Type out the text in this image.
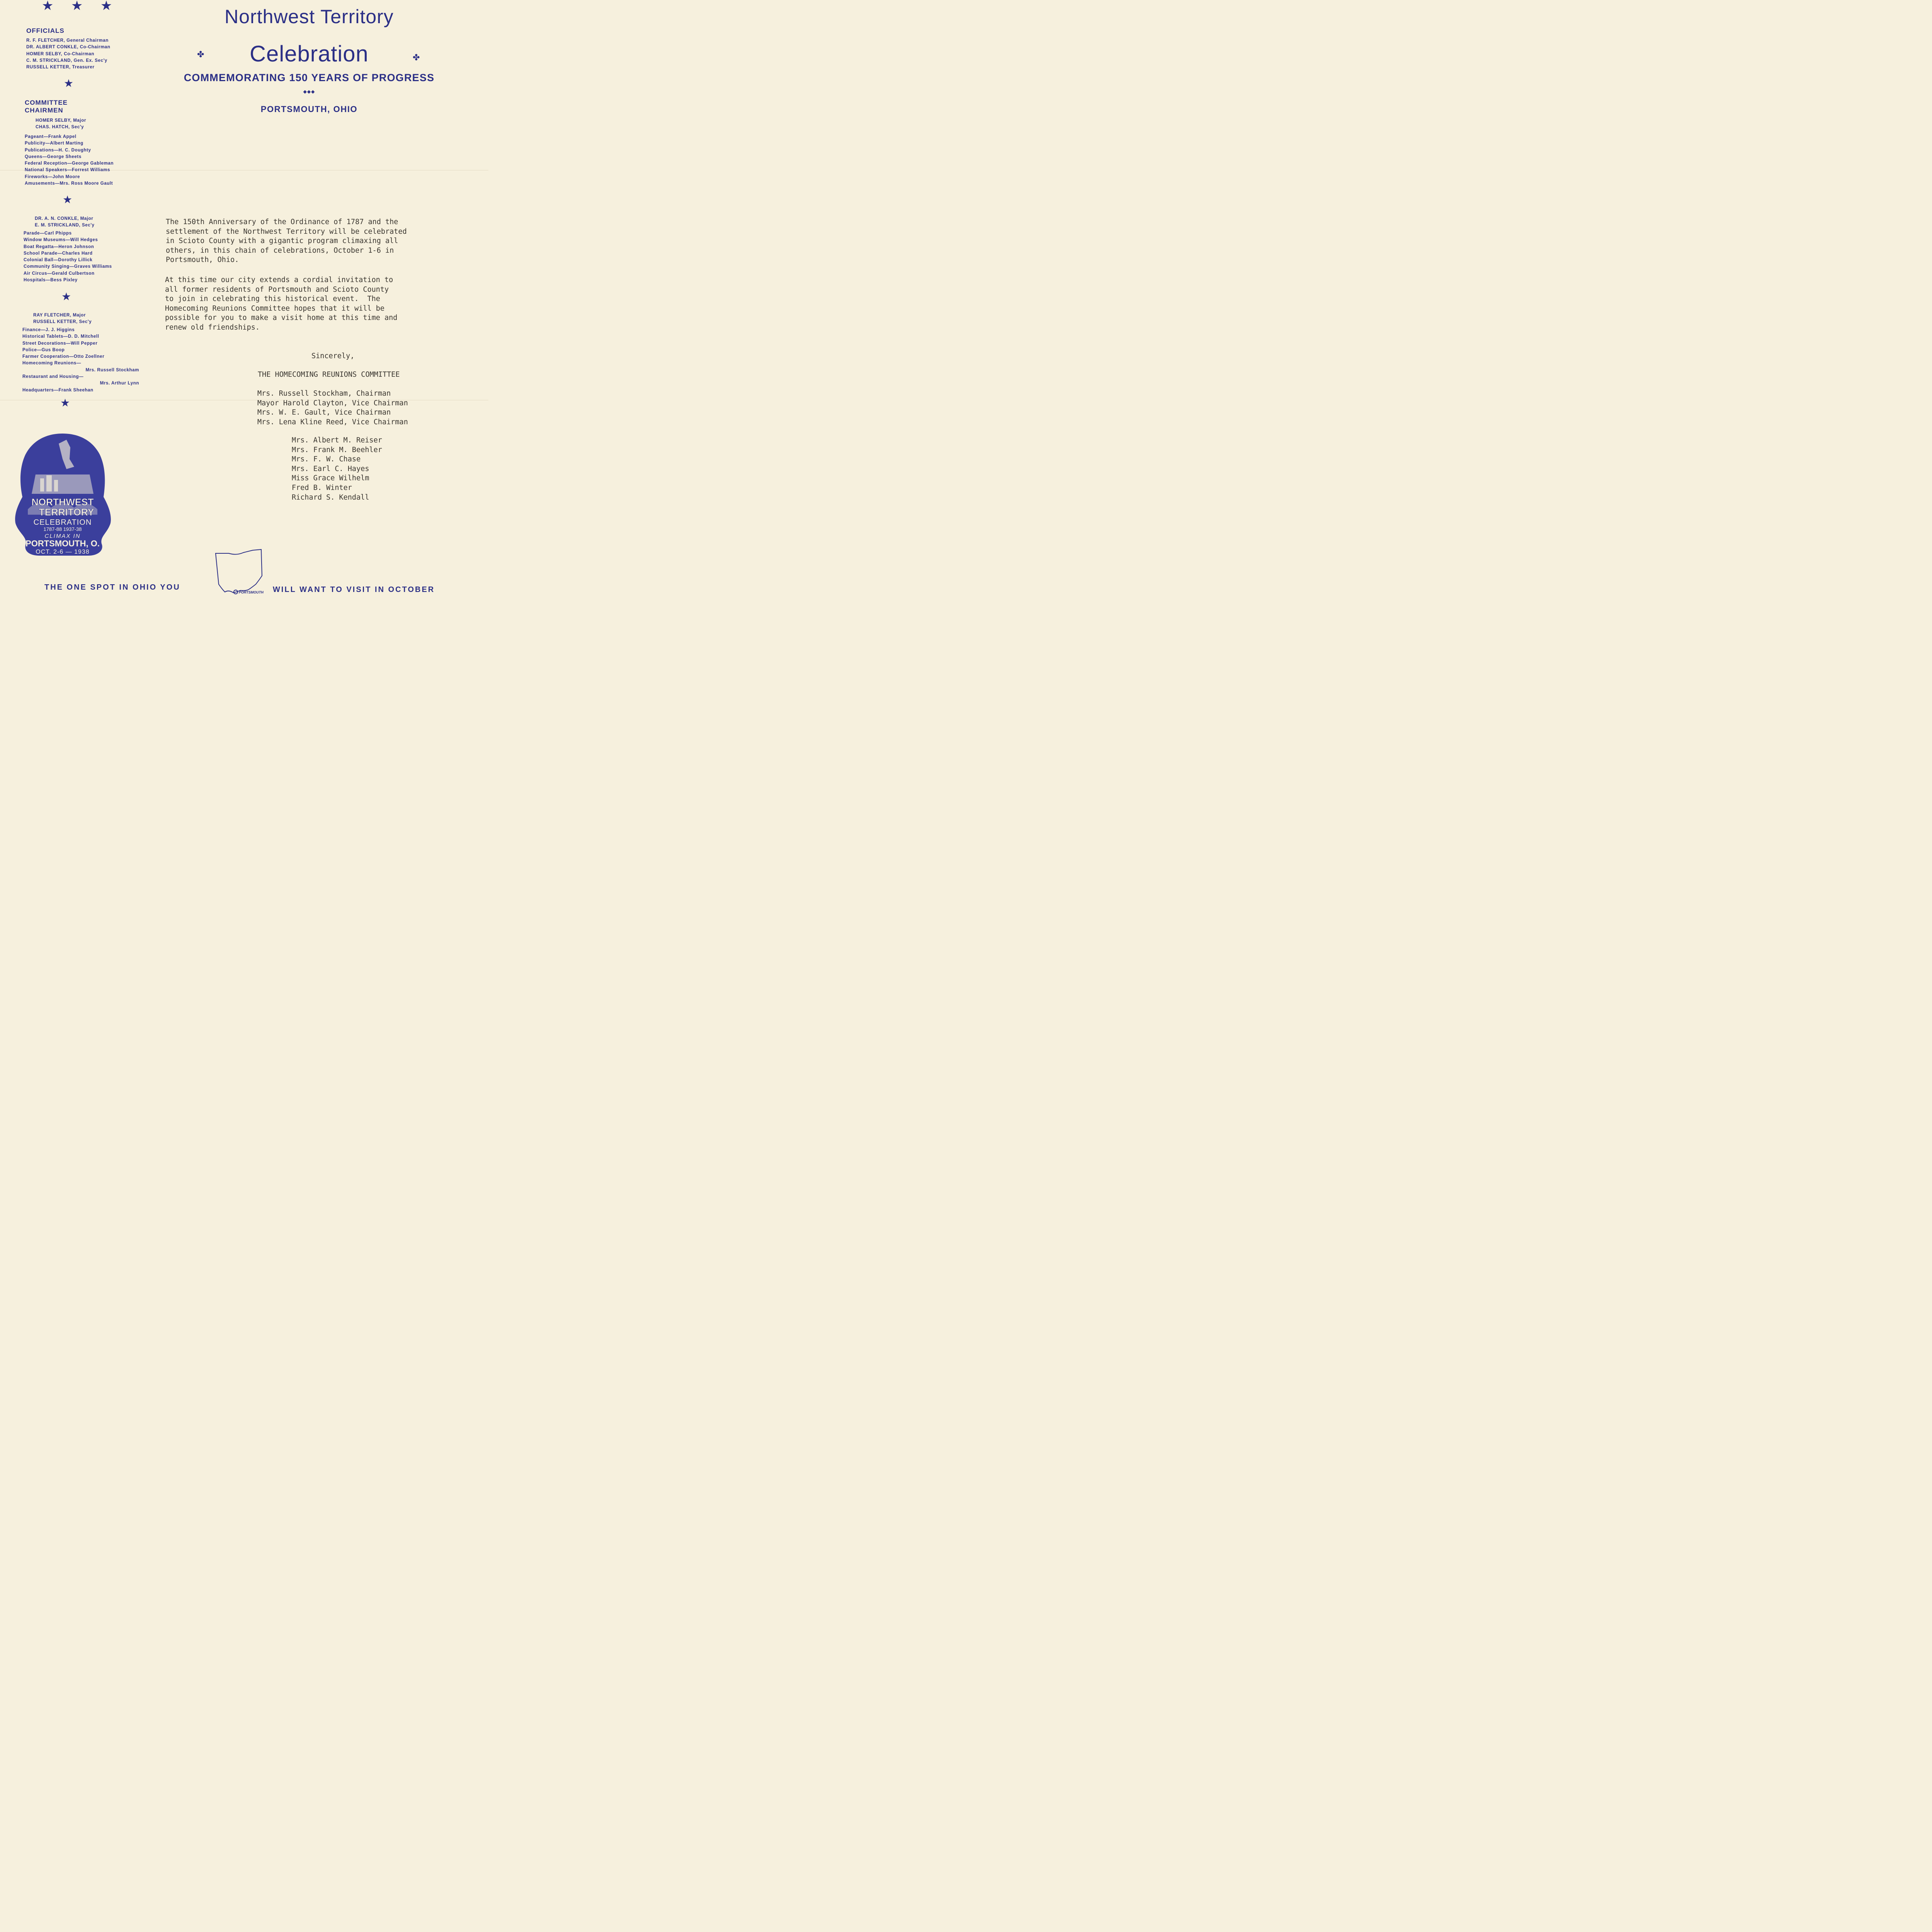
★ ★ ★	Northwest Territory
✤	Celebration	✤
COMMEMORATING 150 YEARS OF PROGRESS
◆◆◆
PORTSMOUTH, OHIO
OFFICIALS
R. F. FLETCHER, General Chairman
DR. ALBERT CONKLE, Co-Chairman
HOMER SELBY, Co-Chairman
C. M. STRICKLAND, Gen. Ex. Sec'y
RUSSELL KETTER, Treasurer
★
COMMITTEE
CHAIRMEN
HOMER SELBY, Major
CHAS. HATCH, Sec'y
Pageant—Frank Appel
Publicity—Albert Marting
Publications—H. C. Doughty
Queens—George Sheets
Federal Reception—George Gableman
National Speakers—Forrest Williams
Fireworks—John Moore
Amusements—Mrs. Ross Moore Gault
★
DR. A. N. CONKLE, Major
E. M. STRICKLAND, Sec'y
Parade—Carl Phipps
Window Museums—Will Hedges
Boat Regatta—Heron Johnson
School Parade—Charles Hard
Colonial Ball—Dorothy Lillick
Community Singing—Graves Williams
Air Circus—Gerald Culbertson
Hospitals—Bess Pixley
★
RAY FLETCHER, Major
RUSSELL KETTER, Sec'y
Finance—J. J. Higgins
Historical Tablets—D. D. Mitchell
Street Decorations—Will Pepper
Police—Gus Boop
Farmer Cooperation—Otto Zoellner
Homecoming Reunions—
Mrs. Russell Stockham
Restaurant and Housing—
Mrs. Arthur Lynn
Headquarters—Frank Sheehan
★
NORTHWEST
TERRITORY
CELEBRATION
1787-88 1937-38
CLIMAX IN
PORTSMOUTH, O.
OCT. 2-6 — 1938
The 150th Anniversary of the Ordinance of 1787 and the
settlement of the Northwest Territory will be celebrated
in Scioto County with a gigantic program climaxing all
others, in this chain of celebrations, October 1-6 in
Portsmouth, Ohio.
At this time our city extends a cordial invitation to
all former residents of Portsmouth and Scioto County
to join in celebrating this historical event.  The
Homecoming Reunions Committee hopes that it will be
possible for you to make a visit home at this time and
renew old friendships.
Sincerely,
THE HOMECOMING REUNIONS COMMITTEE
Mrs. Russell Stockham, Chairman
Mayor Harold Clayton, Vice Chairman
Mrs. W. E. Gault, Vice Chairman
Mrs. Lena Kline Reed, Vice Chairman
Mrs. Albert M. Reiser
Mrs. Frank M. Beehler
Mrs. F. W. Chase
Mrs. Earl C. Hayes
Miss Grace Wilhelm
Fred B. Winter
Richard S. Kendall
THE ONE SPOT IN OHIO YOU
PORTSMOUTH WILL WANT TO VISIT IN OCTOBER
